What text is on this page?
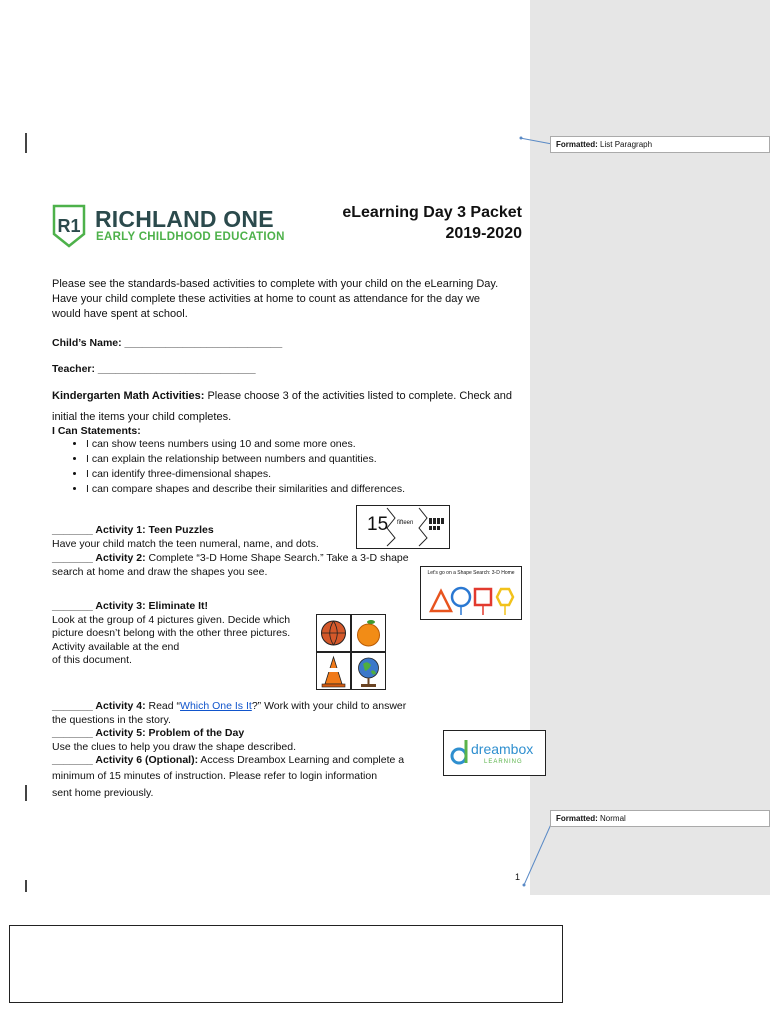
Formatted: List Paragraph
Formatted: Normal
R1 RICHLAND ONE
EARLY CHILDHOOD EDUCATION
eLearning Day 3 Packet
2019-2020
Please see the standards-based activities to complete with your child on the eLearning Day.
Have your child complete these activities at home to count as attendance for the day we
would have spent at school.
Child’s Name: ___________________________
Teacher: ___________________________
Kindergarten Math Activities: Please choose 3 of the activities listed to complete. Check and
initial the items your child completes.
I Can Statements:
• I can show teens numbers using 10 and some more ones.
• I can explain the relationship between numbers and quantities.
• I can identify three-dimensional shapes.
• I can compare shapes and describe their similarities and differences.
_______ Activity 1: Teen Puzzles
Have your child match the teen numeral, name, and dots.
_______ Activity 2: Complete “3-D Home Shape Search.” Take a 3-D shape
search at home and draw the shapes you see.
15 fifteen
Let's go on a Shape Search: 3-D Home
_______ Activity 3: Eliminate It!
Look at the group of 4 pictures given. Decide which
picture doesn’t belong with the other three pictures.
Activity available at the end
of this document.
_______ Activity 4: Read “Which One Is It?” Work with your child to answer
the questions in the story.
_______ Activity 5: Problem of the Day
Use the clues to help you draw the shape described.
_______ Activity 6 (Optional): Access Dreambox Learning and complete a
minimum of 15 minutes of instruction. Please refer to login information
sent home previously.
dreambox
LEARNING
1
